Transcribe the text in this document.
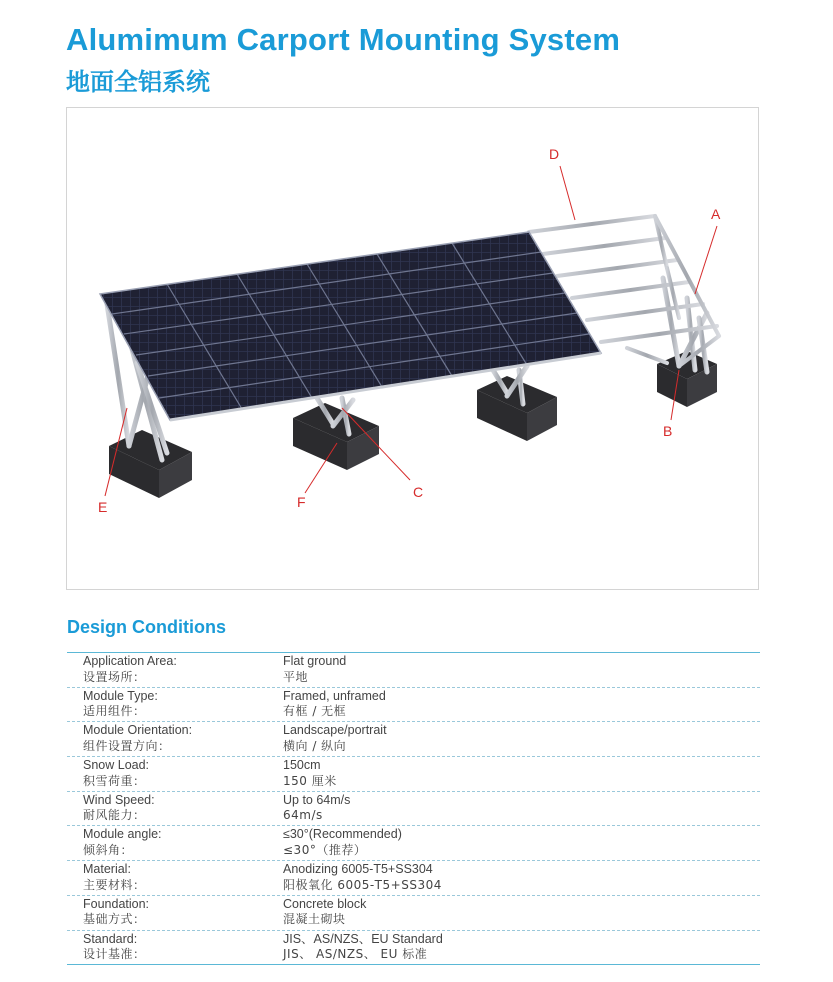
Alumimum Carport Mounting System
地面全铝系统
A
B
C
D
E	F
Design Conditions
Application Area:
设置场所：
Flat ground
平地
Module Type:
适用组件：
Framed, unframed
有框 / 无框
Module Orientation:
组件设置方向：
Landscape/portrait
横向 / 纵向
Snow Load:
积雪荷重：
150cm
150 厘米
Wind Speed:
耐风能力：
Up to 64m/s
64m/s
Module angle:
倾斜角：
≤30°(Recommended)
≤30°（推荐）
Material:
主要材料：
Anodizing 6005-T5+SS304
阳极氧化 6005-T5+SS304
Foundation:
基础方式：
Concrete block
混凝土砌块
Standard:
设计基准：
JIS、AS/NZS、EU Standard
JIS、 AS/NZS、 EU 标准
